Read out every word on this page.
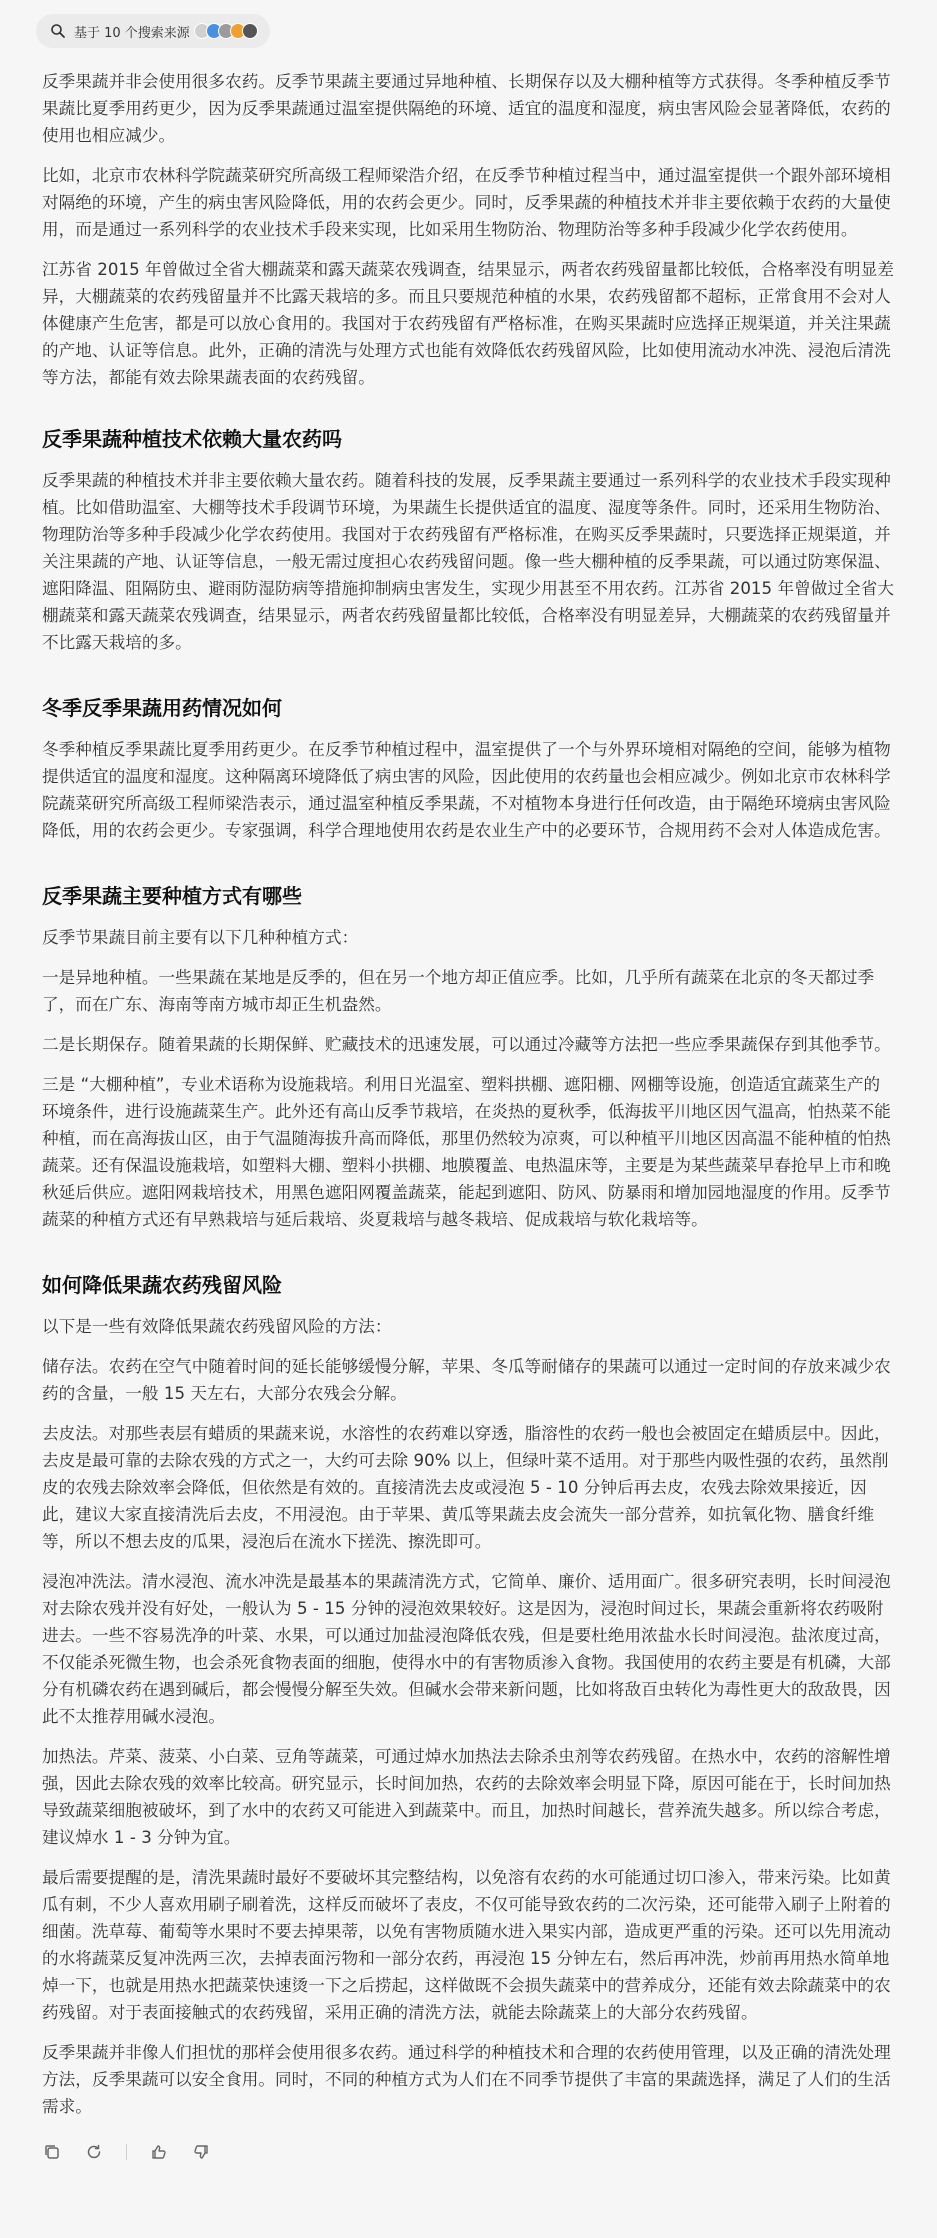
基于 10 个搜索来源

反季果蔬并非会使用很多农药。反季节果蔬主要通过异地种植、长期保存以及大棚种植等方式获得。冬季种植反季节果蔬比夏季用药更少，因为反季果蔬通过温室提供隔绝的环境、适宜的温度和湿度，病虫害风险会显著降低，农药的使用也相应减少。

比如，北京市农林科学院蔬菜研究所高级工程师梁浩介绍，在反季节种植过程当中，通过温室提供一个跟外部环境相对隔绝的环境，产生的病虫害风险降低，用的农药会更少。同时，反季果蔬的种植技术并非主要依赖于农药的大量使用，而是通过一系列科学的农业技术手段来实现，比如采用生物防治、物理防治等多种手段减少化学农药使用。

江苏省 2015 年曾做过全省大棚蔬菜和露天蔬菜农残调查，结果显示，两者农药残留量都比较低，合格率没有明显差异，大棚蔬菜的农药残留量并不比露天栽培的多。而且只要规范种植的水果，农药残留都不超标，正常食用不会对人体健康产生危害，都是可以放心食用的。我国对于农药残留有严格标准，在购买果蔬时应选择正规渠道，并关注果蔬的产地、认证等信息。此外，正确的清洗与处理方式也能有效降低农药残留风险，比如使用流动水冲洗、浸泡后清洗等方法，都能有效去除果蔬表面的农药残留。

反季果蔬种植技术依赖大量农药吗

反季果蔬的种植技术并非主要依赖大量农药。随着科技的发展，反季果蔬主要通过一系列科学的农业技术手段实现种植。比如借助温室、大棚等技术手段调节环境，为果蔬生长提供适宜的温度、湿度等条件。同时，还采用生物防治、物理防治等多种手段减少化学农药使用。我国对于农药残留有严格标准，在购买反季果蔬时，只要选择正规渠道，并关注果蔬的产地、认证等信息，一般无需过度担心农药残留问题。像一些大棚种植的反季果蔬，可以通过防寒保温、遮阳降温、阻隔防虫、避雨防湿防病等措施抑制病虫害发生，实现少用甚至不用农药。江苏省 2015 年曾做过全省大棚蔬菜和露天蔬菜农残调查，结果显示，两者农药残留量都比较低，合格率没有明显差异，大棚蔬菜的农药残留量并不比露天栽培的多。

冬季反季果蔬用药情况如何

冬季种植反季果蔬比夏季用药更少。在反季节种植过程中，温室提供了一个与外界环境相对隔绝的空间，能够为植物提供适宜的温度和湿度。这种隔离环境降低了病虫害的风险，因此使用的农药量也会相应减少。例如北京市农林科学院蔬菜研究所高级工程师梁浩表示，通过温室种植反季果蔬，不对植物本身进行任何改造，由于隔绝环境病虫害风险降低，用的农药会更少。专家强调，科学合理地使用农药是农业生产中的必要环节，合规用药不会对人体造成危害。

反季果蔬主要种植方式有哪些

反季节果蔬目前主要有以下几种种植方式：

一是异地种植。一些果蔬在某地是反季的，但在另一个地方却正值应季。比如，几乎所有蔬菜在北京的冬天都过季了，而在广东、海南等南方城市却正生机盎然。

二是长期保存。随着果蔬的长期保鲜、贮藏技术的迅速发展，可以通过冷藏等方法把一些应季果蔬保存到其他季节。

三是 “大棚种植”，专业术语称为设施栽培。利用日光温室、塑料拱棚、遮阳棚、网棚等设施，创造适宜蔬菜生产的环境条件，进行设施蔬菜生产。此外还有高山反季节栽培，在炎热的夏秋季，低海拔平川地区因气温高，怕热菜不能种植，而在高海拔山区，由于气温随海拔升高而降低，那里仍然较为凉爽，可以种植平川地区因高温不能种植的怕热蔬菜。还有保温设施栽培，如塑料大棚、塑料小拱棚、地膜覆盖、电热温床等，主要是为某些蔬菜早春抢早上市和晚秋延后供应。遮阳网栽培技术，用黑色遮阳网覆盖蔬菜，能起到遮阳、防风、防暴雨和增加园地湿度的作用。反季节蔬菜的种植方式还有早熟栽培与延后栽培、炎夏栽培与越冬栽培、促成栽培与软化栽培等。

如何降低果蔬农药残留风险

以下是一些有效降低果蔬农药残留风险的方法：

储存法。农药在空气中随着时间的延长能够缓慢分解，苹果、冬瓜等耐储存的果蔬可以通过一定时间的存放来减少农药的含量，一般 15 天左右，大部分农残会分解。

去皮法。对那些表层有蜡质的果蔬来说，水溶性的农药难以穿透，脂溶性的农药一般也会被固定在蜡质层中。因此，去皮是最可靠的去除农残的方式之一，大约可去除 90% 以上，但绿叶菜不适用。对于那些内吸性强的农药，虽然削皮的农残去除效率会降低，但依然是有效的。直接清洗去皮或浸泡 5 - 10 分钟后再去皮，农残去除效果接近，因此，建议大家直接清洗后去皮，不用浸泡。由于苹果、黄瓜等果蔬去皮会流失一部分营养，如抗氧化物、膳食纤维等，所以不想去皮的瓜果，浸泡后在流水下搓洗、擦洗即可。

浸泡冲洗法。清水浸泡、流水冲洗是最基本的果蔬清洗方式，它简单、廉价、适用面广。很多研究表明，长时间浸泡对去除农残并没有好处，一般认为 5 - 15 分钟的浸泡效果较好。这是因为，浸泡时间过长，果蔬会重新将农药吸附进去。一些不容易洗净的叶菜、水果，可以通过加盐浸泡降低农残，但是要杜绝用浓盐水长时间浸泡。盐浓度过高，不仅能杀死微生物，也会杀死食物表面的细胞，使得水中的有害物质渗入食物。我国使用的农药主要是有机磷，大部分有机磷农药在遇到碱后，都会慢慢分解至失效。但碱水会带来新问题，比如将敌百虫转化为毒性更大的敌敌畏，因此不太推荐用碱水浸泡。

加热法。芹菜、菠菜、小白菜、豆角等蔬菜，可通过焯水加热法去除杀虫剂等农药残留。在热水中，农药的溶解性增强，因此去除农残的效率比较高。研究显示，长时间加热，农药的去除效率会明显下降，原因可能在于，长时间加热导致蔬菜细胞被破坏，到了水中的农药又可能进入到蔬菜中。而且，加热时间越长，营养流失越多。所以综合考虑，建议焯水 1 - 3 分钟为宜。

最后需要提醒的是，清洗果蔬时最好不要破坏其完整结构，以免溶有农药的水可能通过切口渗入，带来污染。比如黄瓜有刺，不少人喜欢用刷子刷着洗，这样反而破坏了表皮，不仅可能导致农药的二次污染，还可能带入刷子上附着的细菌。洗草莓、葡萄等水果时不要去掉果蒂，以免有害物质随水进入果实内部，造成更严重的污染。还可以先用流动的水将蔬菜反复冲洗两三次，去掉表面污物和一部分农药，再浸泡 15 分钟左右，然后再冲洗，炒前再用热水简单地焯一下，也就是用热水把蔬菜快速烫一下之后捞起，这样做既不会损失蔬菜中的营养成分，还能有效去除蔬菜中的农药残留。对于表面接触式的农药残留，采用正确的清洗方法，就能去除蔬菜上的大部分农药残留。

反季果蔬并非像人们担忧的那样会使用很多农药。通过科学的种植技术和合理的农药使用管理，以及正确的清洗处理方法，反季果蔬可以安全食用。同时，不同的种植方式为人们在不同季节提供了丰富的果蔬选择，满足了人们的生活需求。
